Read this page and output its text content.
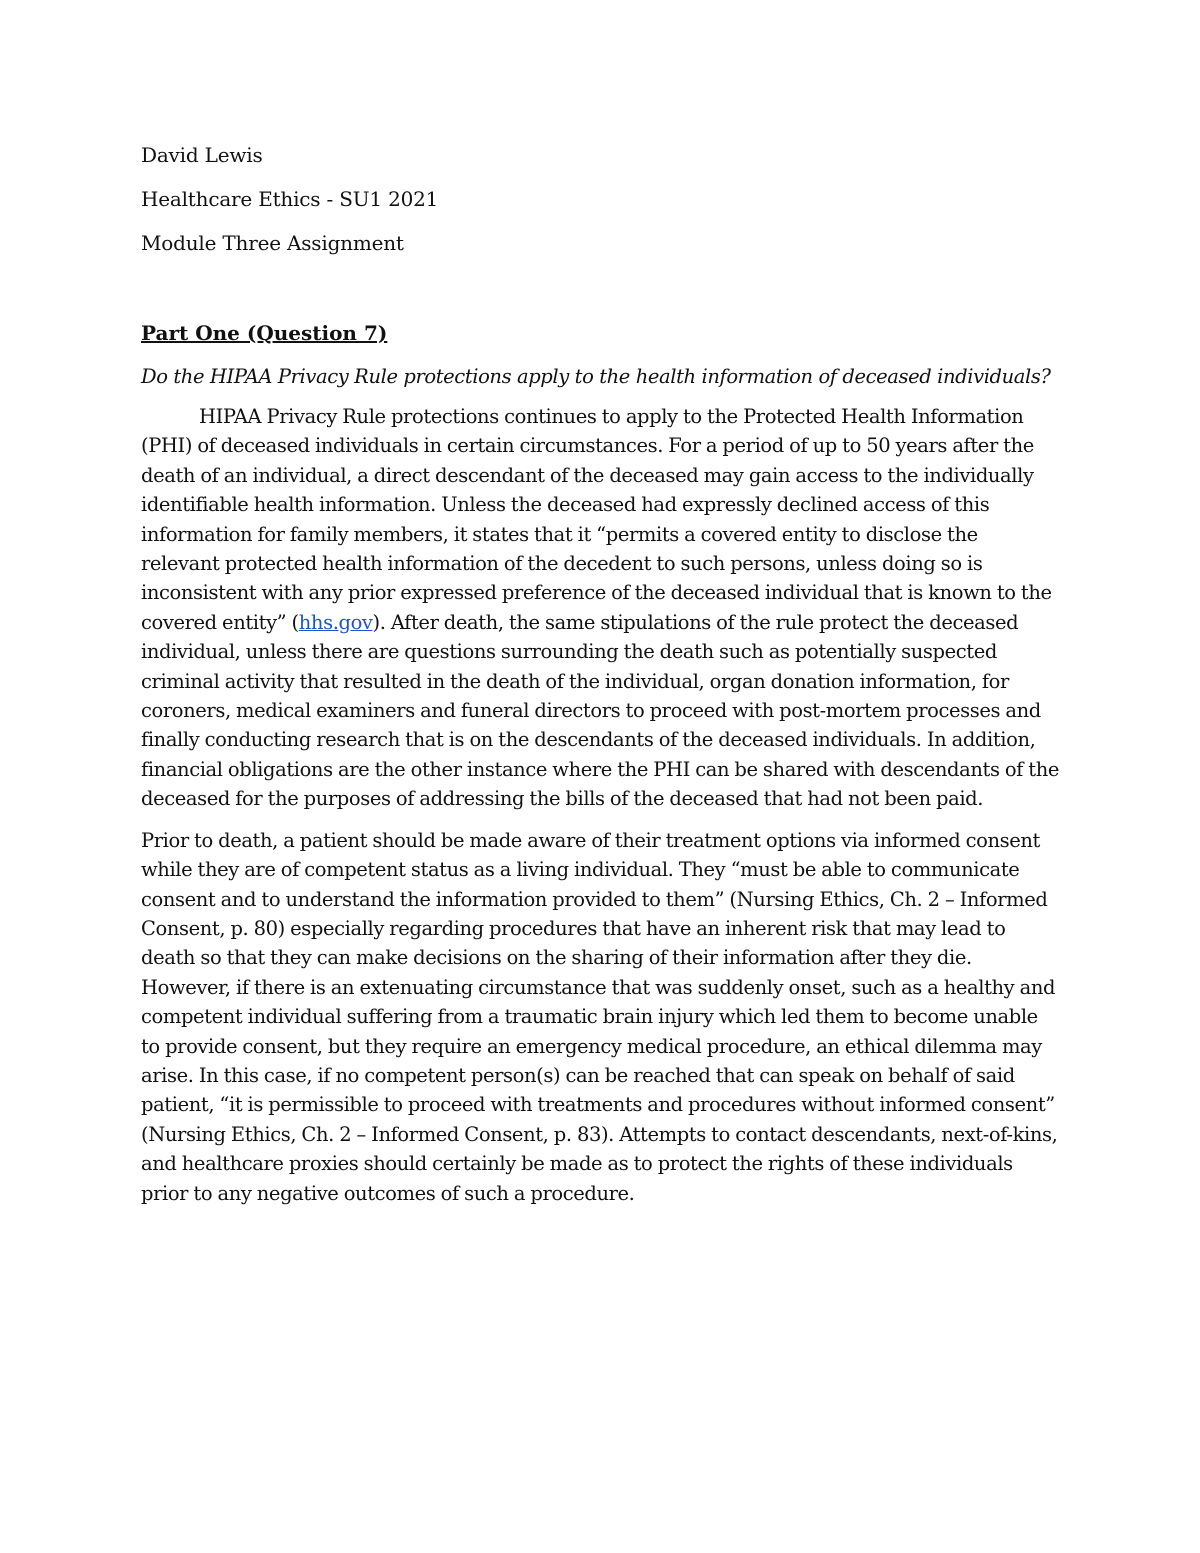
David Lewis
Healthcare Ethics - SU1 2021
Module Three Assignment
Part One (Question 7)
Do the HIPAA Privacy Rule protections apply to the health information of deceased individuals?

HIPAA Privacy Rule protections continues to apply to the Protected Health Information (PHI) of deceased individuals in certain circumstances. For a period of up to 50 years after the death of an individual, a direct descendant of the deceased may gain access to the individually identifiable health information. Unless the deceased had expressly declined access of this information for family members, it states that it “permits a covered entity to disclose the relevant protected health information of the decedent to such persons, unless doing so is inconsistent with any prior expressed preference of the deceased individual that is known to the covered entity” (hhs.gov). After death, the same stipulations of the rule protect the deceased individual, unless there are questions surrounding the death such as potentially suspected criminal activity that resulted in the death of the individual, organ donation information, for coroners, medical examiners and funeral directors to proceed with post-mortem processes and finally conducting research that is on the descendants of the deceased individuals. In addition, financial obligations are the other instance where the PHI can be shared with descendants of the deceased for the purposes of addressing the bills of the deceased that had not been paid.

Prior to death, a patient should be made aware of their treatment options via informed consent while they are of competent status as a living individual. They “must be able to communicate consent and to understand the information provided to them” (Nursing Ethics, Ch. 2 – Informed Consent, p. 80) especially regarding procedures that have an inherent risk that may lead to death so that they can make decisions on the sharing of their information after they die. However, if there is an extenuating circumstance that was suddenly onset, such as a healthy and competent individual suffering from a traumatic brain injury which led them to become unable to provide consent, but they require an emergency medical procedure, an ethical dilemma may arise. In this case, if no competent person(s) can be reached that can speak on behalf of said patient, “it is permissible to proceed with treatments and procedures without informed consent” (Nursing Ethics, Ch. 2 – Informed Consent, p. 83). Attempts to contact descendants, next-of-kins, and healthcare proxies should certainly be made as to protect the rights of these individuals prior to any negative outcomes of such a procedure.
